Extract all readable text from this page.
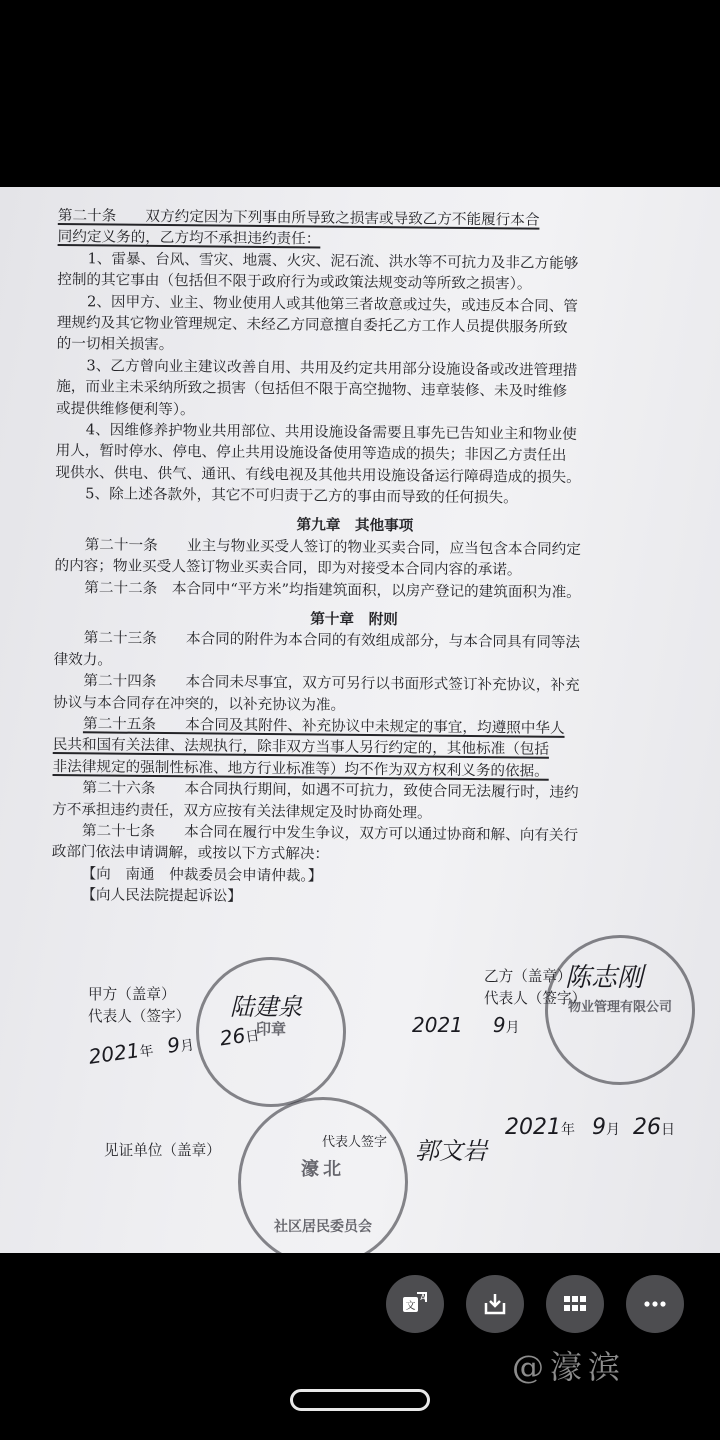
第二十条　　双方约定因为下列事由所导致之损害或导致乙方不能履行本合
同约定义务的，乙方均不承担违约责任：
1、雷暴、台风、雪灾、地震、火灾、泥石流、洪水等不可抗力及非乙方能够
控制的其它事由（包括但不限于政府行为或政策法规变动等所致之损害）。
2、因甲方、业主、物业使用人或其他第三者故意或过失，或违反本合同、管
理规约及其它物业管理规定、未经乙方同意擅自委托乙方工作人员提供服务所致
的一切相关损害。
3、乙方曾向业主建议改善自用、共用及约定共用部分设施设备或改进管理措
施，而业主未采纳所致之损害（包括但不限于高空抛物、违章装修、未及时维修
或提供维修便利等）。
4、因维修养护物业共用部位、共用设施设备需要且事先已告知业主和物业使
用人，暂时停水、停电、停止共用设施设备使用等造成的损失；非因乙方责任出
现供水、供电、供气、通讯、有线电视及其他共用设施设备运行障碍造成的损失。
5、除上述各款外，其它不可归责于乙方的事由而导致的任何损失。
第九章　其他事项
第二十一条　　业主与物业买受人签订的物业买卖合同，应当包含本合同约定
的内容；物业买受人签订物业买卖合同，即为对接受本合同内容的承诺。
第二十二条　本合同中“平方米”均指建筑面积，以房产登记的建筑面积为准。
第十章　附则
第二十三条　　本合同的附件为本合同的有效组成部分，与本合同具有同等法
律效力。
第二十四条　　本合同未尽事宜，双方可另行以书面形式签订补充协议，补充
协议与本合同存在冲突的，以补充协议为准。
第二十五条　　本合同及其附件、补充协议中未规定的事宜，均遵照中华人
民共和国有关法律、法规执行，除非双方当事人另行约定的，其他标准（包括
非法律规定的强制性标准、地方行业标准等）均不作为双方权利义务的依据。
第二十六条　　本合同执行期间，如遇不可抗力，致使合同无法履行时，违约
方不承担违约责任，双方应按有关法律规定及时协商处理。
第二十七条　　本合同在履行中发生争议，双方可以通过协商和解、向有关行
政部门依法申请调解，或按以下方式解决：
【向　南通　仲裁委员会申请仲裁。】
【向人民法院提起诉讼】
甲方（盖章）
代表人（签字）
印章
陆建泉
2021年 9月 26日
乙方（盖章）
代表人（签字）
物业管理有限公司
陈志刚
2021 9月
见证单位（盖章）
濠北
社区居民委员会
代表人签字 郭文岩
2021年 9月 26日
文
A
@濠滨
